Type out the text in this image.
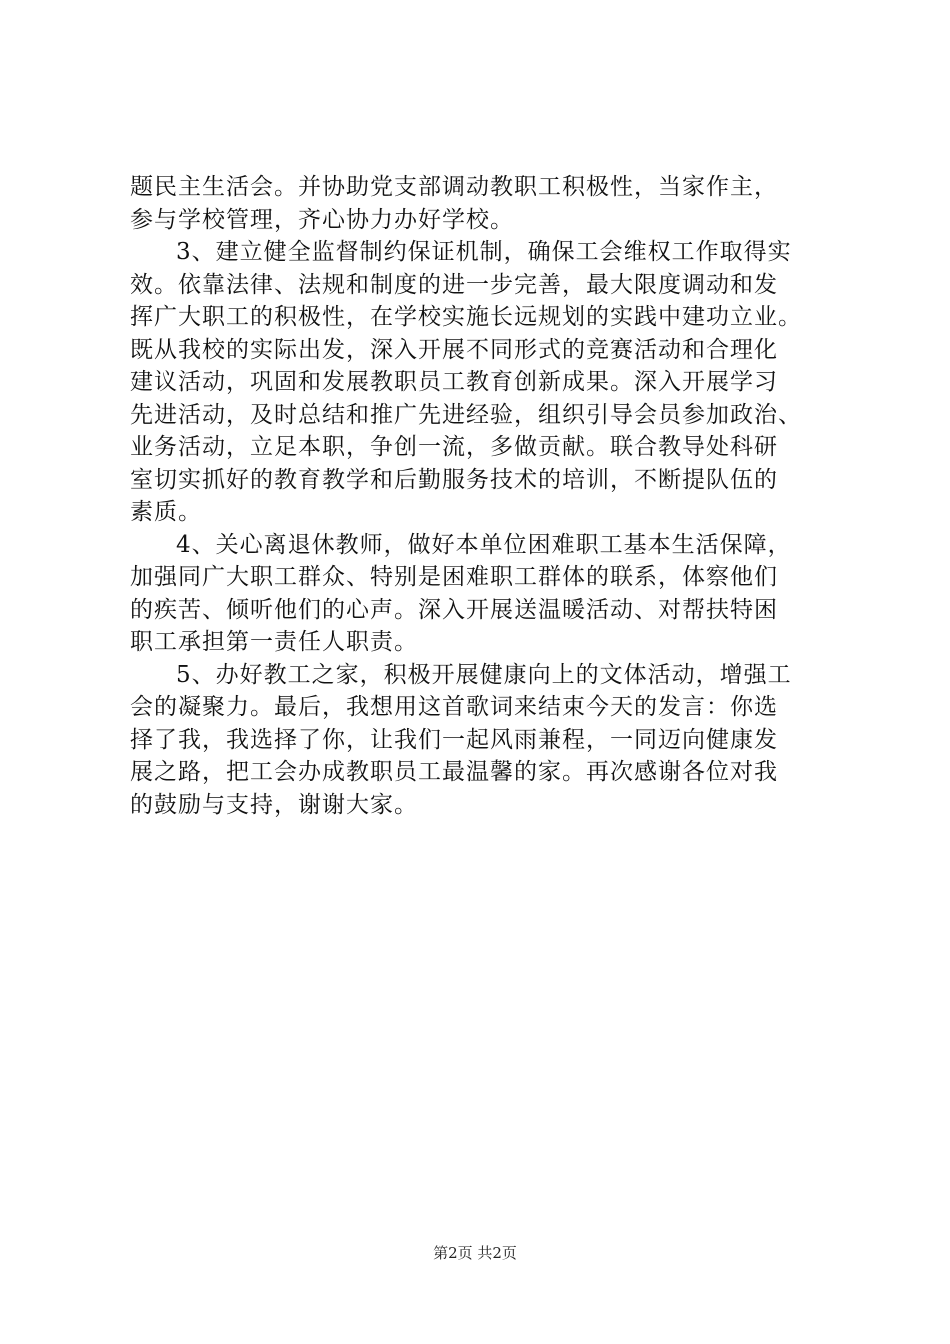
题民主生活会。并协助党支部调动教职工积极性，当家作主，
参与学校管理，齐心协力办好学校。
3、建立健全监督制约保证机制，确保工会维权工作取得实
效。依靠法律、法规和制度的进一步完善，最大限度调动和发
挥广大职工的积极性，在学校实施长远规划的实践中建功立业。
既从我校的实际出发，深入开展不同形式的竞赛活动和合理化
建议活动，巩固和发展教职员工教育创新成果。深入开展学习
先进活动，及时总结和推广先进经验，组织引导会员参加政治、
业务活动，立足本职，争创一流，多做贡献。联合教导处科研
室切实抓好的教育教学和后勤服务技术的培训，不断提队伍的
素质。
4、关心离退休教师，做好本单位困难职工基本生活保障，
加强同广大职工群众、特别是困难职工群体的联系，体察他们
的疾苦、倾听他们的心声。深入开展送温暖活动、对帮扶特困
职工承担第一责任人职责。
5、办好教工之家，积极开展健康向上的文体活动，增强工
会的凝聚力。最后，我想用这首歌词来结束今天的发言：你选
择了我，我选择了你，让我们一起风雨兼程，一同迈向健康发
展之路，把工会办成教职员工最温馨的家。再次感谢各位对我
的鼓励与支持，谢谢大家。
第2页 共2页
